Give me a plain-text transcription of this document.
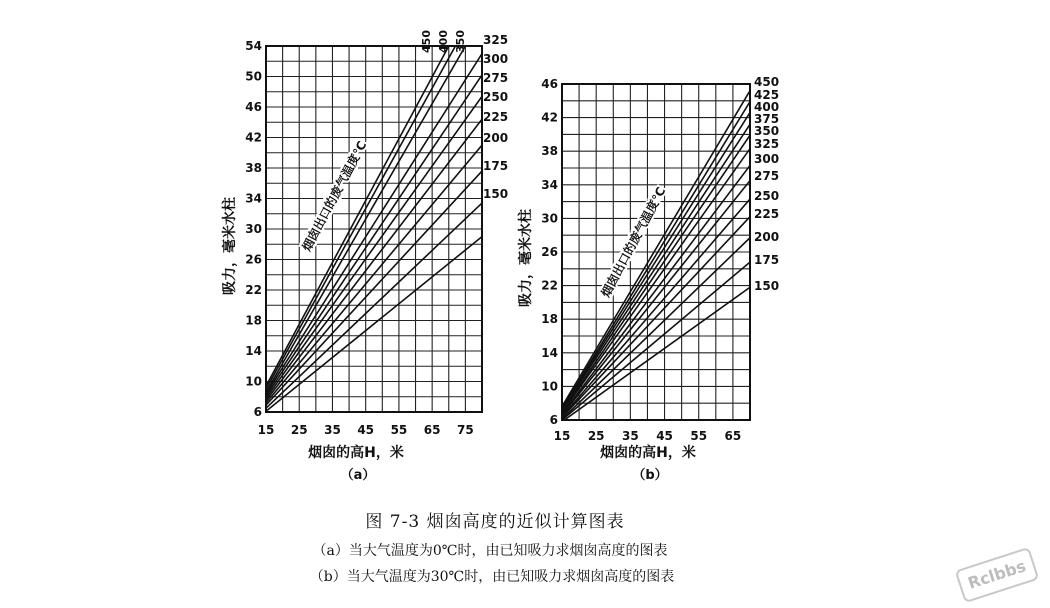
6
10
14
18
22
26
30
34
38
42
46
50
54
15 25 35 45 55 65 75
450 400 350 325
300
275
250
225
200
175
150
烟囱出口的废气温度℃
烟囱的高H，米
（a）
吸力，毫米水柱
6
10
14
18
22
26
30
34
38
42
46
15 25 35 45 55 65
450
425
400
375
350
325
300
275
250
225
200
175
150
烟囱出口的废气温度℃
烟囱的高H，米
（b）
吸力，毫米水柱
图 7-3 烟囱高度的近似计算图表
（a）当大气温度为0℃时，由已知吸力求烟囱高度的图表
（b）当大气温度为30℃时，由已知吸力求烟囱高度的图表	Rclbbs
